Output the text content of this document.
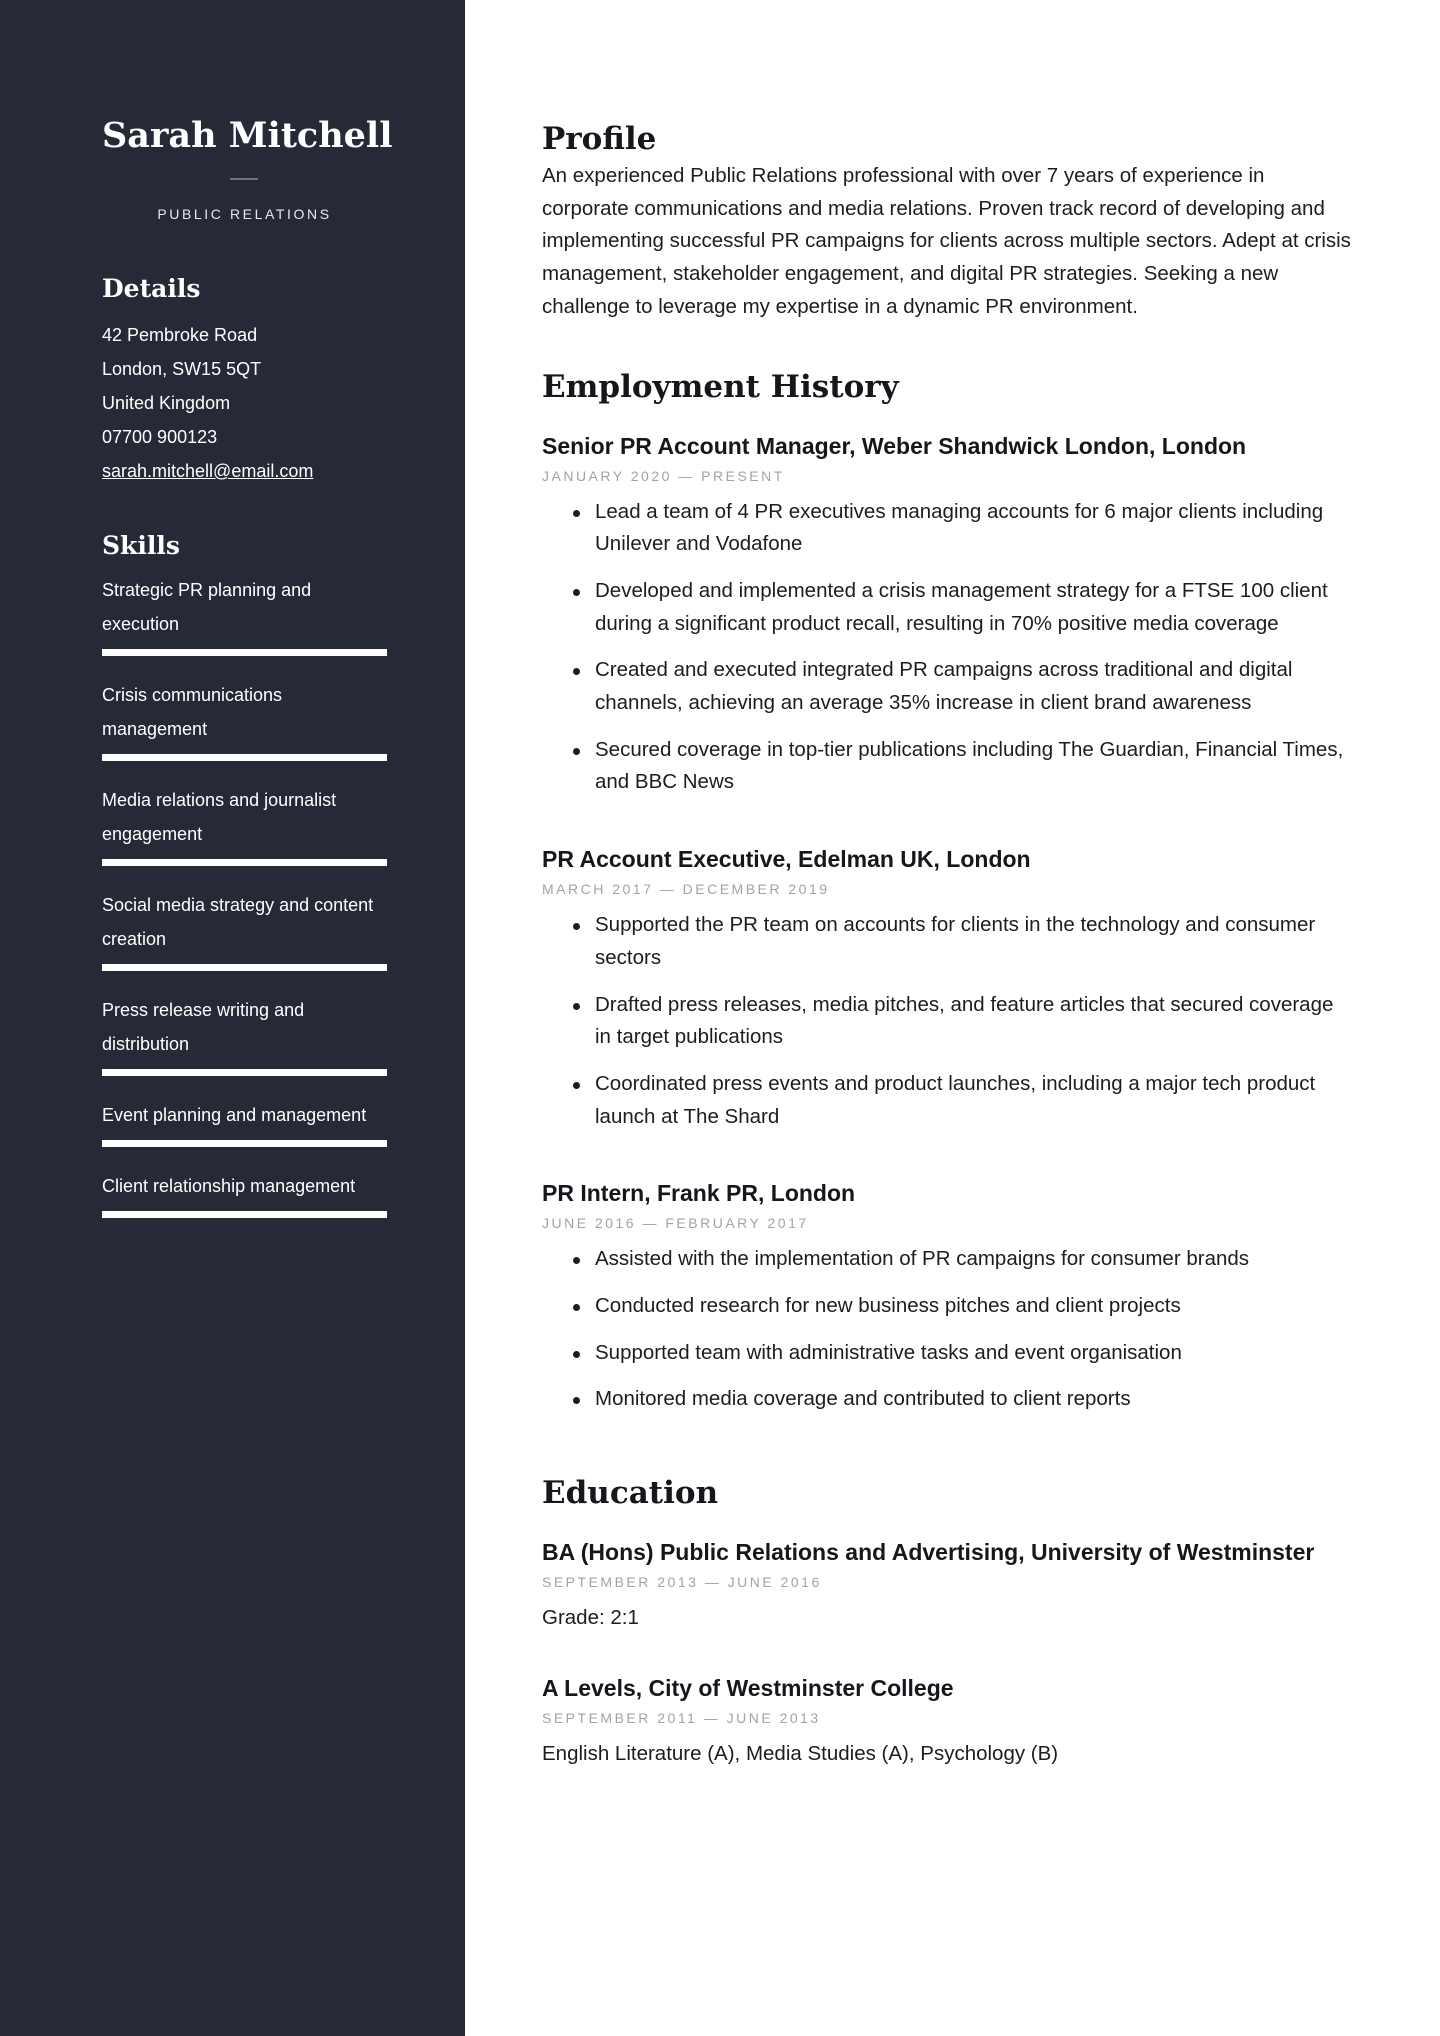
Sarah Mitchell
PUBLIC RELATIONS
Details
42 Pembroke Road
London, SW15 5QT
United Kingdom
07700 900123
sarah.mitchell@email.com
Skills
Strategic PR planning and execution
Crisis communications management
Media relations and journalist engagement
Social media strategy and content creation
Press release writing and distribution
Event planning and management
Client relationship management
Profile
An experienced Public Relations professional with over 7 years of experience in corporate communications and media relations. Proven track record of developing and implementing successful PR campaigns for clients across multiple sectors. Adept at crisis management, stakeholder engagement, and digital PR strategies. Seeking a new challenge to leverage my expertise in a dynamic PR environment.
Employment History
Senior PR Account Manager, Weber Shandwick London, London
JANUARY 2020 — PRESENT
Lead a team of 4 PR executives managing accounts for 6 major clients including Unilever and Vodafone
Developed and implemented a crisis management strategy for a FTSE 100 client during a significant product recall, resulting in 70% positive media coverage
Created and executed integrated PR campaigns across traditional and digital channels, achieving an average 35% increase in client brand awareness
Secured coverage in top-tier publications including The Guardian, Financial Times, and BBC News
PR Account Executive, Edelman UK, London
MARCH 2017 — DECEMBER 2019
Supported the PR team on accounts for clients in the technology and consumer sectors
Drafted press releases, media pitches, and feature articles that secured coverage in target publications
Coordinated press events and product launches, including a major tech product launch at The Shard
PR Intern, Frank PR, London
JUNE 2016 — FEBRUARY 2017
Assisted with the implementation of PR campaigns for consumer brands
Conducted research for new business pitches and client projects
Supported team with administrative tasks and event organisation
Monitored media coverage and contributed to client reports
Education
BA (Hons) Public Relations and Advertising, University of Westminster
SEPTEMBER 2013 — JUNE 2016
Grade: 2:1
A Levels, City of Westminster College
SEPTEMBER 2011 — JUNE 2013
English Literature (A), Media Studies (A), Psychology (B)
